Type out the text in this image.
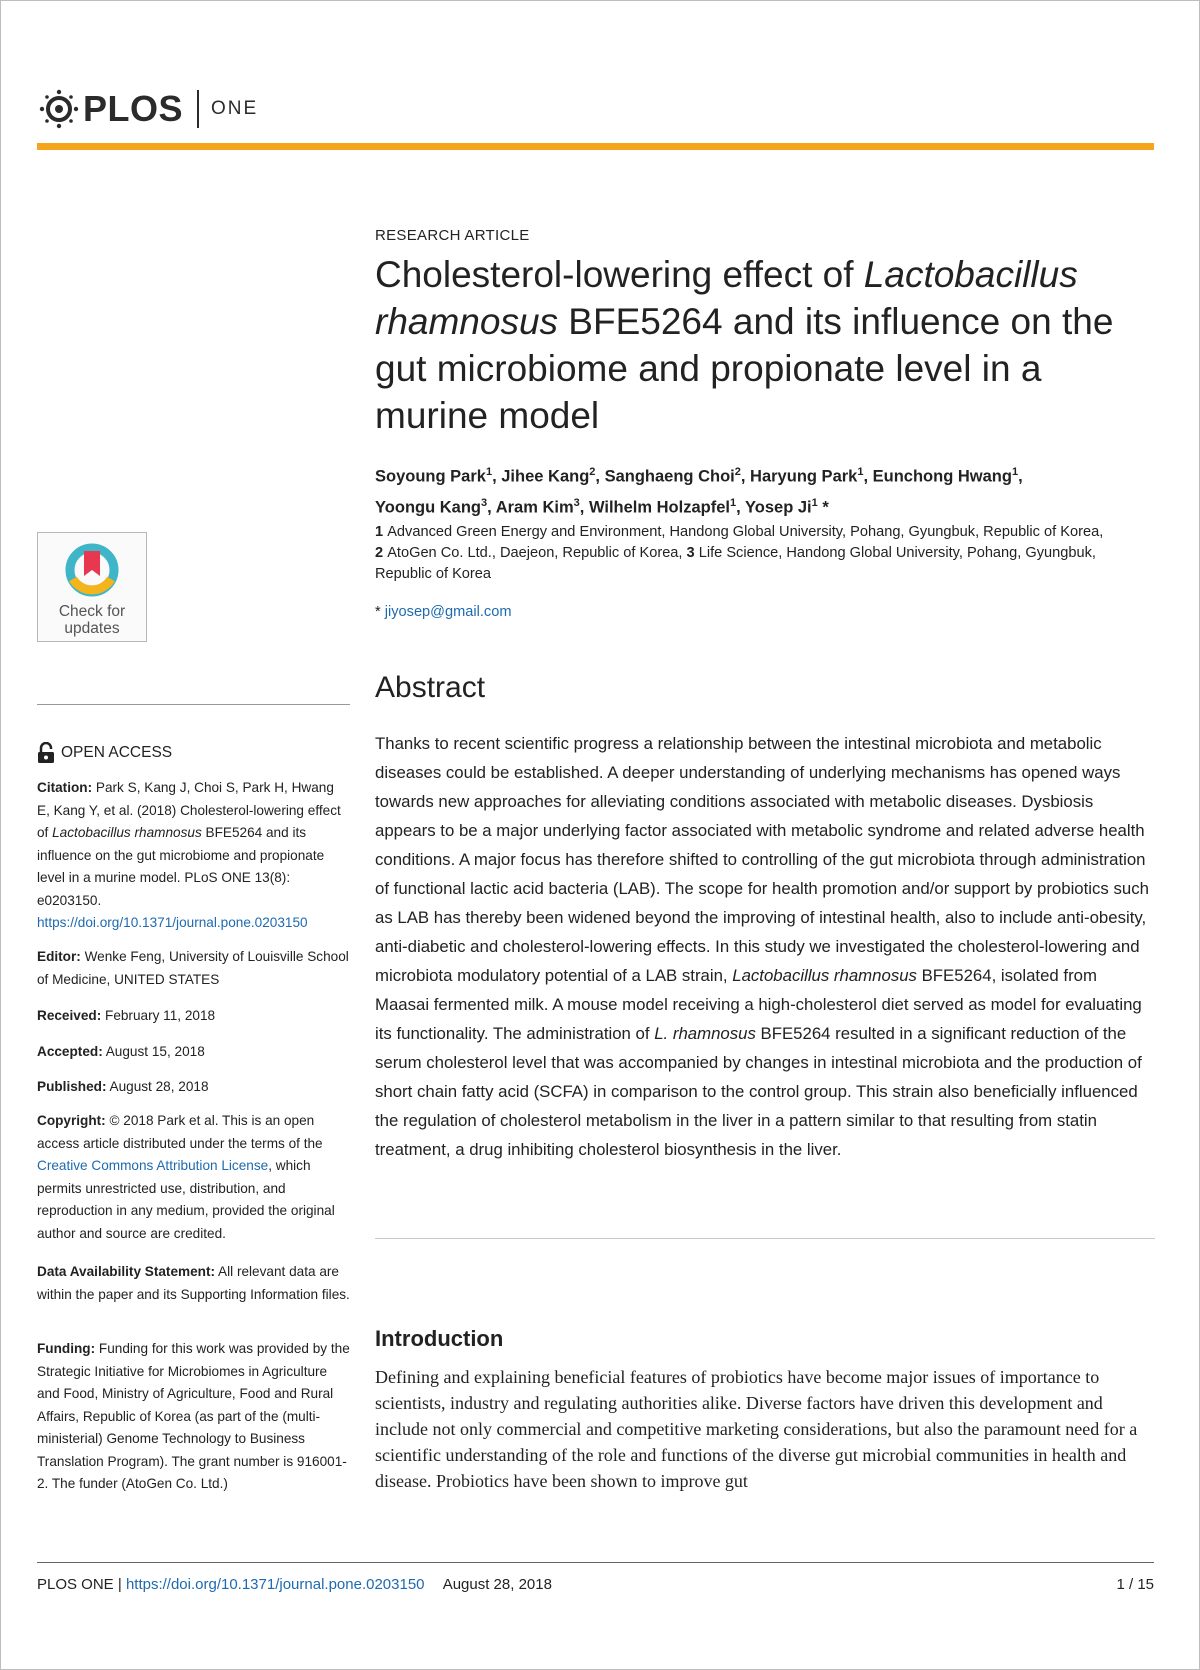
PLOS ONE
RESEARCH ARTICLE
Cholesterol-lowering effect of Lactobacillus rhamnosus BFE5264 and its influence on the gut microbiome and propionate level in a murine model
Soyoung Park$^1$, Jihee Kang$^2$, Sanghaeng Choi$^2$, Haryung Park$^1$, Eunchong Hwang$^1$,
Yoongu Kang$^3$, Aram Kim$^3$, Wilhelm Holzapfel$^1$, Yosep Ji$^1$ *
1 Advanced Green Energy and Environment, Handong Global University, Pohang, Gyungbuk, Republic of Korea, 2 AtoGen Co. Ltd., Daejeon, Republic of Korea, 3 Life Science, Handong Global University, Pohang, Gyungbuk, Republic of Korea
* jiyosep@gmail.com
Abstract
Thanks to recent scientific progress a relationship between the intestinal microbiota and metabolic diseases could be established. A deeper understanding of underlying mechanisms has opened ways towards new approaches for alleviating conditions associated with metabolic diseases. Dysbiosis appears to be a major underlying factor associated with metabolic syndrome and related adverse health conditions. A major focus has therefore shifted to controlling of the gut microbiota through administration of functional lactic acid bacteria (LAB). The scope for health promotion and/or support by probiotics such as LAB has thereby been widened beyond the improving of intestinal health, also to include anti-obesity, anti-diabetic and cholesterol-lowering effects. In this study we investigated the cholesterol-lowering and microbiota modulatory potential of a LAB strain, Lactobacillus rhamnosus BFE5264, isolated from Maasai fermented milk. A mouse model receiving a high-cholesterol diet served as model for evaluating its functionality. The administration of L. rhamnosus BFE5264 resulted in a significant reduction of the serum cholesterol level that was accompanied by changes in intestinal microbiota and the production of short chain fatty acid (SCFA) in comparison to the control group. This strain also beneficially influenced the regulation of cholesterol metabolism in the liver in a pattern similar to that resulting from statin treatment, a drug inhibiting cholesterol biosynthesis in the liver.
Introduction
Defining and explaining beneficial features of probiotics have become major issues of importance to scientists, industry and regulating authorities alike. Diverse factors have driven this development and include not only commercial and competitive marketing considerations, but also the paramount need for a scientific understanding of the role and functions of the diverse gut microbial communities in health and disease. Probiotics have been shown to improve gut
Check for updates
OPEN ACCESS
Citation: Park S, Kang J, Choi S, Park H, Hwang E, Kang Y, et al. (2018) Cholesterol-lowering effect of Lactobacillus rhamnosus BFE5264 and its influence on the gut microbiome and propionate level in a murine model. PLoS ONE 13(8): e0203150. https://doi.org/10.1371/journal.pone.0203150
Editor: Wenke Feng, University of Louisville School of Medicine, UNITED STATES
Received: February 11, 2018
Accepted: August 15, 2018
Published: August 28, 2018
Copyright: © 2018 Park et al. This is an open access article distributed under the terms of the Creative Commons Attribution License, which permits unrestricted use, distribution, and reproduction in any medium, provided the original author and source are credited.
Data Availability Statement: All relevant data are within the paper and its Supporting Information files.
Funding: Funding for this work was provided by the Strategic Initiative for Microbiomes in Agriculture and Food, Ministry of Agriculture, Food and Rural Affairs, Republic of Korea (as part of the (multi-ministerial) Genome Technology to Business Translation Program). The grant number is 916001-2. The funder (AtoGen Co. Ltd.)
PLOS ONE | https://doi.org/10.1371/journal.pone.0203150 August 28, 2018	1 / 15
